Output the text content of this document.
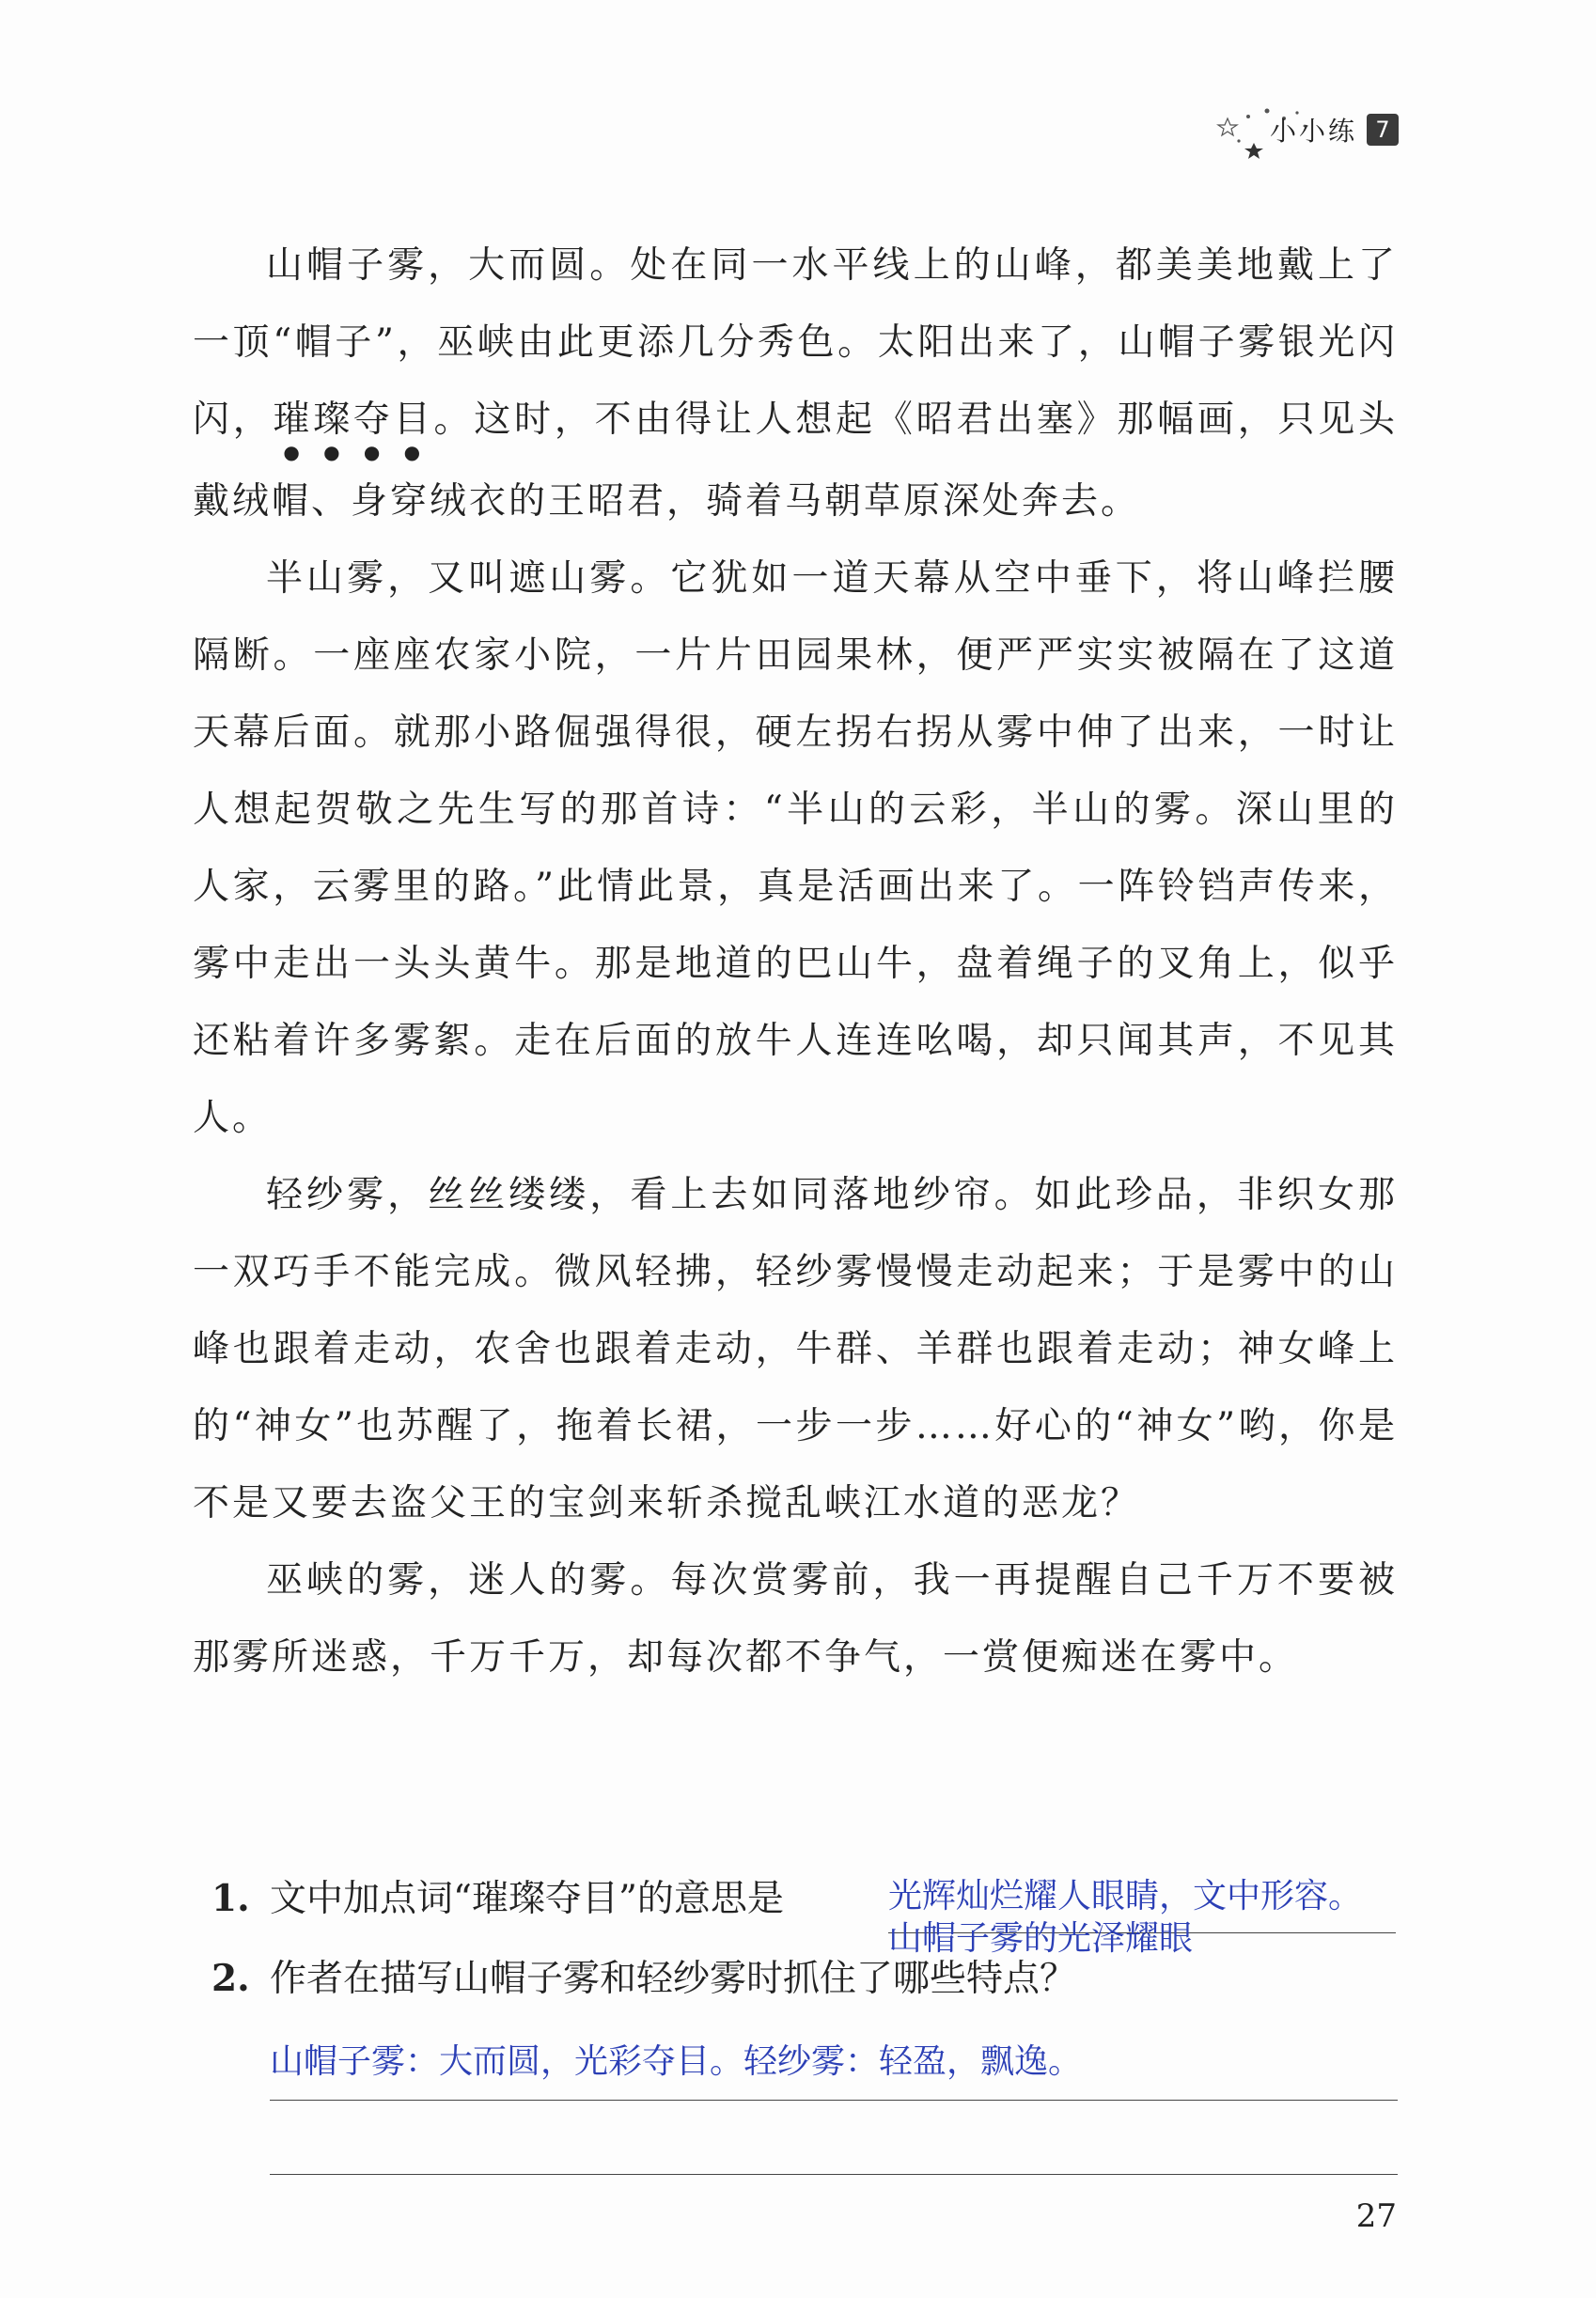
小小练 7

山帽子雾，大而圆。处在同一水平线上的山峰，都美美地戴上了一顶“帽子”，巫峡由此更添几分秀色。太阳出来了，山帽子雾银光闪闪，璀璨夺目。这时，不由得让人想起《昭君出塞》那幅画，只见头戴绒帽、身穿绒衣的王昭君，骑着马朝草原深处奔去。

半山雾，又叫遮山雾。它犹如一道天幕从空中垂下，将山峰拦腰隔断。一座座农家小院，一片片田园果林，便严严实实被隔在了这道天幕后面。就那小路倔强得很，硬左拐右拐从雾中伸了出来，一时让人想起贺敬之先生写的那首诗：“半山的云彩，半山的雾。深山里的人家，云雾里的路。”此情此景，真是活画出来了。一阵铃铛声传来，雾中走出一头头黄牛。那是地道的巴山牛，盘着绳子的叉角上，似乎还粘着许多雾絮。走在后面的放牛人连连吆喝，却只闻其声，不见其人。

轻纱雾，丝丝缕缕，看上去如同落地纱帘。如此珍品，非织女那一双巧手不能完成。微风轻拂，轻纱雾慢慢走动起来；于是雾中的山峰也跟着走动，农舍也跟着走动，牛群、羊群也跟着走动；神女峰上的“神女”也苏醒了，拖着长裙，一步一步……好心的“神女”哟，你是不是又要去盗父王的宝剑来斩杀搅乱峡江水道的恶龙？

巫峡的雾，迷人的雾。每次赏雾前，我一再提醒自己千万不要被那雾所迷惑，千万千万，却每次都不争气，一赏便痴迷在雾中。

1. 文中加点词“璀璨夺目”的意思是	光辉灿烂耀人眼睛，文中形容。
山帽子雾的光泽耀眼
2. 作者在描写山帽子雾和轻纱雾时抓住了哪些特点？
山帽子雾：大而圆，光彩夺目。轻纱雾：轻盈，飘逸。
27
